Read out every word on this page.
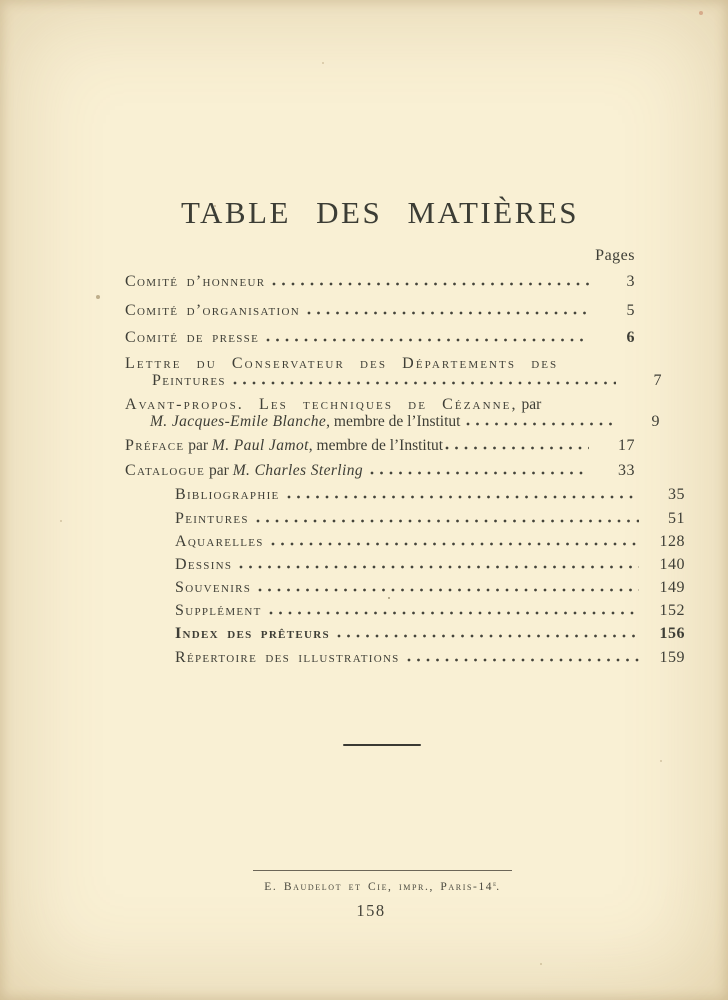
TABLE DES MATIÈRES
Pages
Comité d’honneur	3
Comité d’organisation	5
Comité de presse	6
Lettre du Conservateur des Départements des
Peintures	7
Avant-propos. Les techniques de Cézanne, par
M. Jacques-Emile Blanche , membre de l’Institut	9
Préface par M. Paul Jamot , membre de l’Institut	17
Catalogue par M. Charles Sterling	33
Bibliographie	35
Peintures	51
Aquarelles	128
Dessins	140
Souvenirs	149
Supplément	152
Index des prêteurs	156
Répertoire des illustrations	159
E. Baudelot et Cie, impr., Paris-14e.
158
